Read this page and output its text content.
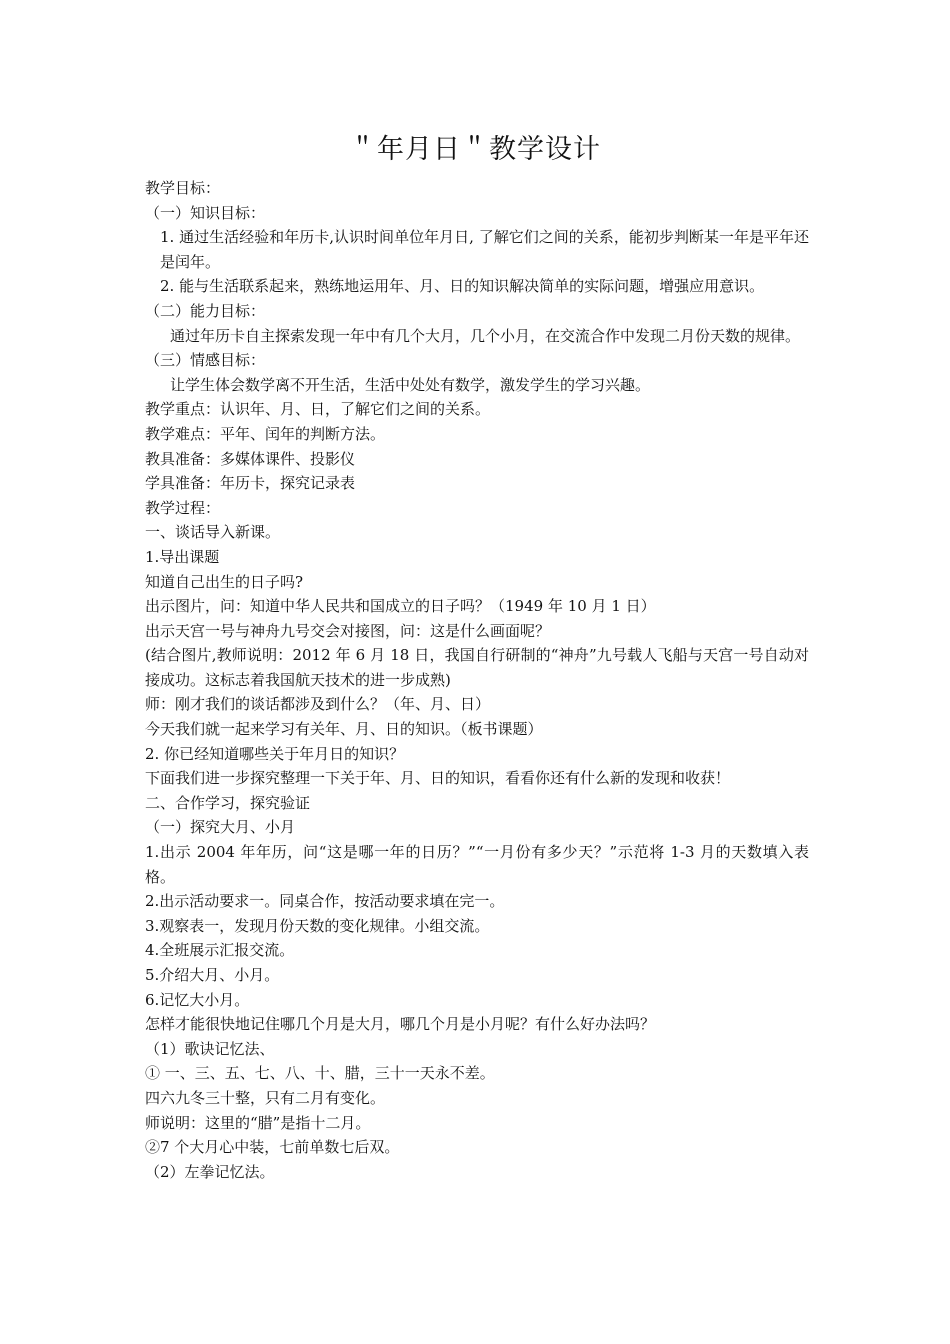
＂年月日＂教学设计
教学目标：
（一）知识目标：
1. 通过生活经验和年历卡,认识时间单位年月日, 了解它们之间的关系，能初步判断某一年是平年还是闰年。
2. 能与生活联系起来，熟练地运用年、月、日的知识解决简单的实际问题，增强应用意识。
（二）能力目标：
通过年历卡自主探索发现一年中有几个大月，几个小月，在交流合作中发现二月份天数的规律。
（三）情感目标：
让学生体会数学离不开生活，生活中处处有数学，激发学生的学习兴趣。
教学重点：认识年、月、日，了解它们之间的关系。
教学难点：平年、闰年的判断方法。
教具准备：多媒体课件、投影仪
学具准备：年历卡，探究记录表
教学过程：
一、谈话导入新课。
1.导出课题
知道自己出生的日子吗?
出示图片，问：知道中华人民共和国成立的日子吗？（1949 年 10 月 1 日）
出示天宫一号与神舟九号交会对接图，问：这是什么画面呢？
(结合图片,教师说明：2012 年 6 月 18 日，我国自行研制的“神舟”九号载人飞船与天宫一号自动对接成功。这标志着我国航天技术的进一步成熟)
师：刚才我们的谈话都涉及到什么？（年、月、日）
今天我们就一起来学习有关年、月、日的知识。（板书课题）
2. 你已经知道哪些关于年月日的知识？
下面我们进一步探究整理一下关于年、月、日的知识，看看你还有什么新的发现和收获！
二、合作学习，探究验证
（一）探究大月、小月
1.出示 2004 年年历，问“这是哪一年的日历？”“一月份有多少天？”示范将 1-3 月的天数填入表格。
2.出示活动要求一。同桌合作，按活动要求填在完一。
3.观察表一，发现月份天数的变化规律。小组交流。
4.全班展示汇报交流。
5.介绍大月、小月。
6.记忆大小月。
怎样才能很快地记住哪几个月是大月，哪几个月是小月呢？有什么好办法吗？
（1）歌诀记忆法、
① 一、三、五、七、八、十、腊，三十一天永不差。
四六九冬三十整，只有二月有变化。
师说明：这里的“腊”是指十二月。
②7 个大月心中装，七前单数七后双。
（2）左拳记忆法。
